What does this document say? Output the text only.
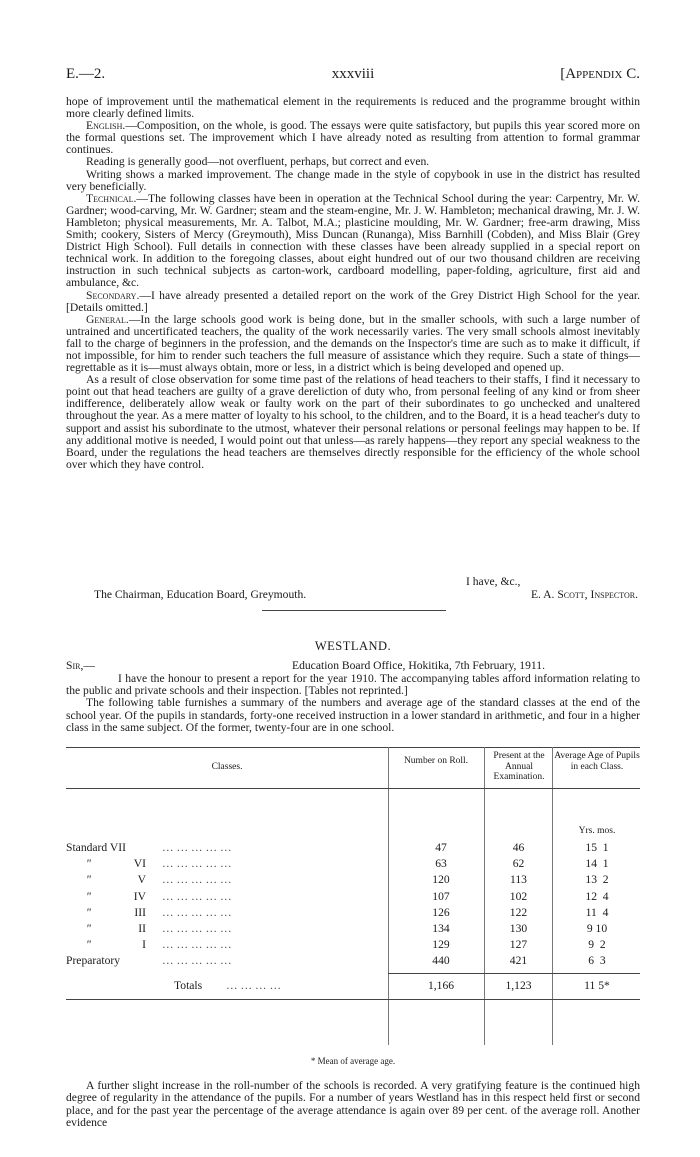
E.—2.	xxxviii	[Appendix C.

hope of improvement until the mathematical element in the requirements is reduced and the programme brought within more clearly defined limits.

English.—Composition, on the whole, is good. The essays were quite satisfactory, but pupils this year scored more on the formal questions set. The improvement which I have already noted as resulting from attention to formal grammar continues.

Reading is generally good—not overfluent, perhaps, but correct and even.

Writing shows a marked improvement. The change made in the style of copybook in use in the district has resulted very beneficially.

Technical.—The following classes have been in operation at the Technical School during the year: Carpentry, Mr. W. Gardner; wood-carving, Mr. W. Gardner; steam and the steam-engine, Mr. J. W. Hambleton; mechanical drawing, Mr. J. W. Hambleton; physical measurements, Mr. A. Talbot, M.A.; plasticine moulding, Mr. W. Gardner; free-arm drawing, Miss Smith; cookery, Sisters of Mercy (Greymouth), Miss Duncan (Runanga), Miss Barnhill (Cobden), and Miss Blair (Grey District High School). Full details in connection with these classes have been already supplied in a special report on technical work. In addition to the foregoing classes, about eight hundred out of our two thousand children are receiving instruction in such technical subjects as carton-work, cardboard modelling, paper-folding, agriculture, first aid and ambulance, &c.

Secondary.—I have already presented a detailed report on the work of the Grey District High School for the year. [Details omitted.]

General.—In the large schools good work is being done, but in the smaller schools, with such a large number of untrained and uncertificated teachers, the quality of the work necessarily varies. The very small schools almost inevitably fall to the charge of beginners in the profession, and the demands on the Inspector's time are such as to make it difficult, if not impossible, for him to render such teachers the full measure of assistance which they require. Such a state of things—regrettable as it is—must always obtain, more or less, in a district which is being developed and opened up.

As a result of close observation for some time past of the relations of head teachers to their staffs, I find it necessary to point out that head teachers are guilty of a grave dereliction of duty who, from personal feeling of any kind or from sheer indifference, deliberately allow weak or faulty work on the part of their subordinates to go unchecked and unaltered throughout the year. As a mere matter of loyalty to his school, to the children, and to the Board, it is a head teacher's duty to support and assist his subordinate to the utmost, whatever their personal relations or personal feelings may happen to be. If any additional motive is needed, I would point out that unless—as rarely happens—they report any special weakness to the Board, under the regulations the head teachers are themselves directly responsible for the efficiency of the whole school over which they have control.

The Chairman, Education Board, Greymouth.
I have, &c.,
E. A. Scott, Inspector.
WESTLAND.
Sir,—	Education Board Office, Hokitika, 7th February, 1911.

I have the honour to present a report for the year 1910. The accompanying tables afford information relating to the public and private schools and their inspection. [Tables not reprinted.]

The following table furnishes a summary of the numbers and average age of the standard classes at the end of the school year. Of the pupils in standards, forty-one received instruction in a lower standard in arithmetic, and four in a higher class in the same subject. Of the former, twenty-four are in one school.

Classes.
Number on Roll.	Present at the Annual Examination.
Average Age of Pupils in each Class.
Yrs. mos.
Standard VII	… … … … …	47	46	15  1
"	VI … … … … …	63	62	14  1
"	V … … … … …	120	113	13  2
"	IV … … … … …	107	102	12  4
"	III … … … … …	126	122	11  4
"	II … … … … …	134	130	9 10
"	I … … … … …	129	127	9  2
Preparatory	… … … … …	440	421	6  3
Totals … … … …	1,166	1,123	11 5*
* Mean of average age.

A further slight increase in the roll-number of the schools is recorded. A very gratifying feature is the continued high degree of regularity in the attendance of the pupils. For a number of years Westland has in this respect held first or second place, and for the past year the percentage of the average attendance is again over 89 per cent. of the average roll. Another evidence
